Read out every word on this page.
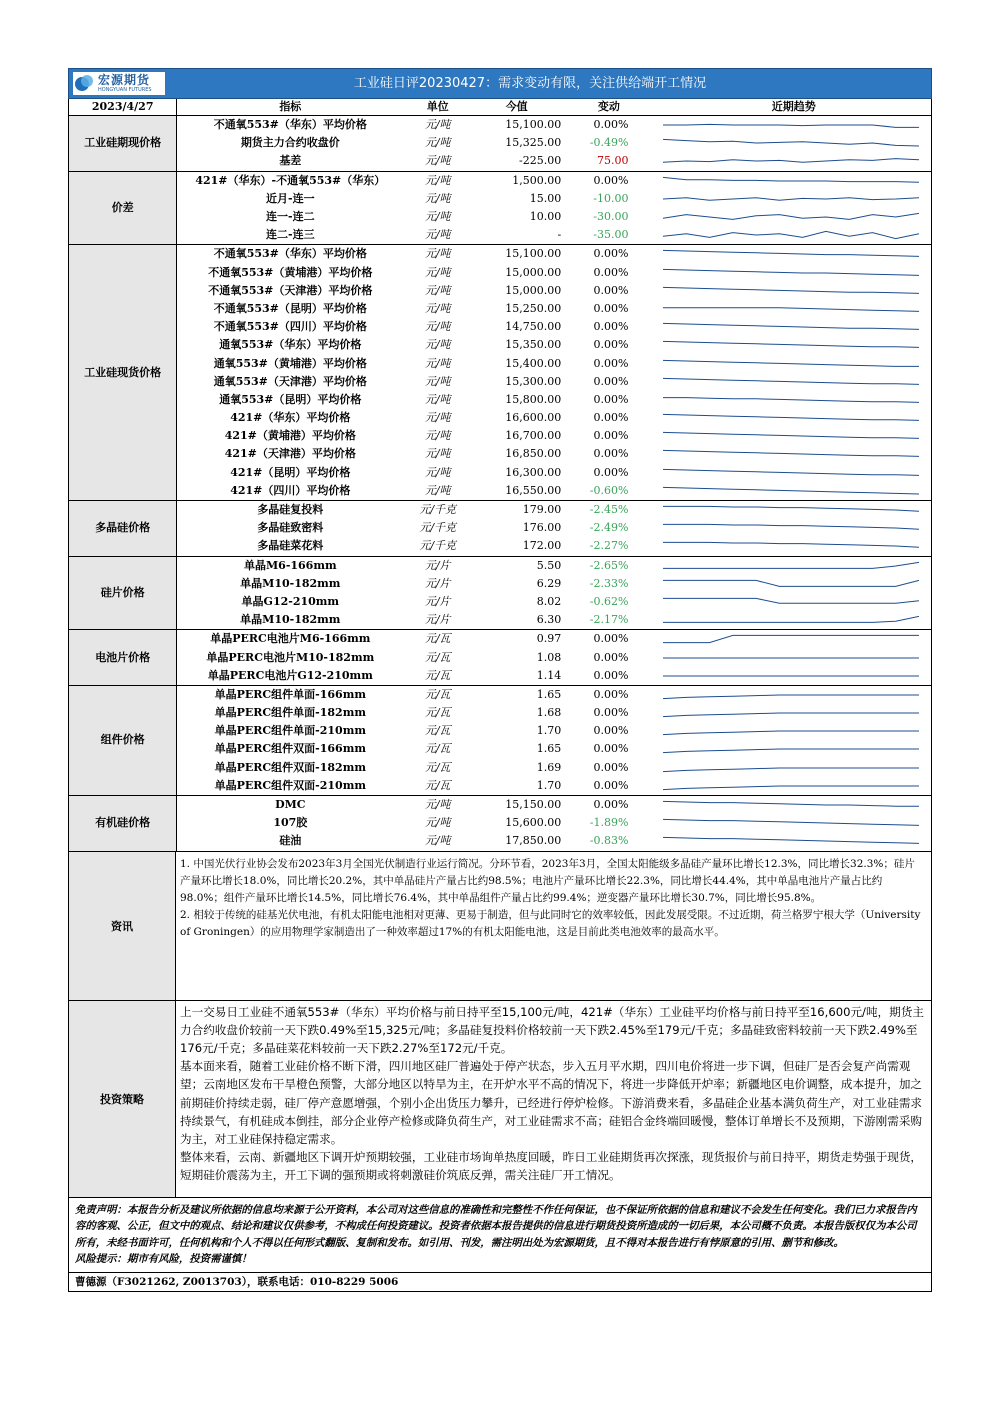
工业硅日评20230427：需求变动有限，关注供给端开工情况
宏源期货
HONGYUAN FUTURES
2023/4/27	指标	单位	今值	变动	近期趋势
工业硅期现价格	不通氧553#（华东）平均价格	元/吨	15,100.00	0.00%	

	期货主力合约收盘价	元/吨	15,325.00	-0.49%	

	基差	元/吨	-225.00	75.00	

价差	421#（华东）-不通氧553#（华东）	元/吨	1,500.00	0.00%	

	近月-连一	元/吨	15.00	-10.00	

	连一-连二	元/吨	10.00	-30.00	

	连二-连三	元/吨	-	-35.00	

工业硅现货价格	不通氧553#（华东）平均价格	元/吨	15,100.00	0.00%	

	不通氧553#（黄埔港）平均价格	元/吨	15,000.00	0.00%	

	不通氧553#（天津港）平均价格	元/吨	15,000.00	0.00%	

	不通氧553#（昆明）平均价格	元/吨	15,250.00	0.00%	

	不通氧553#（四川）平均价格	元/吨	14,750.00	0.00%	

	通氧553#（华东）平均价格	元/吨	15,350.00	0.00%	

	通氧553#（黄埔港）平均价格	元/吨	15,400.00	0.00%	

	通氧553#（天津港）平均价格	元/吨	15,300.00	0.00%	

	通氧553#（昆明）平均价格	元/吨	15,800.00	0.00%	

	421#（华东）平均价格	元/吨	16,600.00	0.00%	

	421#（黄埔港）平均价格	元/吨	16,700.00	0.00%	

	421#（天津港）平均价格	元/吨	16,850.00	0.00%	

	421#（昆明）平均价格	元/吨	16,300.00	0.00%	

	421#（四川）平均价格	元/吨	16,550.00	-0.60%	

多晶硅价格	多晶硅复投料	元/千克	179.00	-2.45%	

	多晶硅致密料	元/千克	176.00	-2.49%	

	多晶硅菜花料	元/千克	172.00	-2.27%	

硅片价格	单晶M6-166mm	元/片	5.50	-2.65%	

	单晶M10-182mm	元/片	6.29	-2.33%	

	单晶G12-210mm	元/片	8.02	-0.62%	

	单晶M10-182mm	元/片	6.30	-2.17%	

电池片价格	单晶PERC电池片M6-166mm	元/瓦	0.97	0.00%	

	单晶PERC电池片M10-182mm	元/瓦	1.08	0.00%	

	单晶PERC电池片G12-210mm	元/瓦	1.14	0.00%	

组件价格	单晶PERC组件单面-166mm	元/瓦	1.65	0.00%	

	单晶PERC组件单面-182mm	元/瓦	1.68	0.00%	

	单晶PERC组件单面-210mm	元/瓦	1.70	0.00%	

	单晶PERC组件双面-166mm	元/瓦	1.65	0.00%	

	单晶PERC组件双面-182mm	元/瓦	1.69	0.00%	

	单晶PERC组件双面-210mm	元/瓦	1.70	0.00%	

有机硅价格	DMC	元/吨	15,150.00	0.00%	

	107胶	元/吨	15,600.00	-1.89%	

	硅油	元/吨	17,850.00	-0.83%	
资讯

1. 中国光伏行业协会发布2023年3月全国光伏制造行业运行简况。分环节看，2023年3月，全国太阳能级多晶硅产量环比增长12.3%，同比增长32.3%；硅片产量环比增长18.0%，同比增长20.2%，其中单晶硅片产量占比约98.5%；电池片产量环比增长22.3%，同比增长44.4%，其中单晶电池片产量占比约98.0%；组件产量环比增长14.5%，同比增长76.4%，其中单晶组件产量占比约99.4%；逆变器产量环比增长30.7%，同比增长95.8%。

2. 相较于传统的硅基光伏电池，有机太阳能电池相对更薄、更易于制造，但与此同时它的效率较低，因此发展受限。不过近期，荷兰格罗宁根大学（University of Groningen）的应用物理学家制造出了一种效率超过17%的有机太阳能电池，这是目前此类电池效率的最高水平。

投资策略

上一交易日工业硅不通氧553#（华东）平均价格与前日持平至15,100元/吨，421#（华东）工业硅平均价格与前日持平至16,600元/吨，期货主力合约收盘价较前一天下跌0.49%至15,325元/吨；多晶硅复投料价格较前一天下跌2.45%至179元/千克；多晶硅致密料较前一天下跌2.49%至176元/千克；多晶硅菜花料较前一天下跌2.27%至172元/千克。

基本面来看，随着工业硅价格不断下滑，四川地区硅厂普遍处于停产状态，步入五月平水期，四川电价将进一步下调，但硅厂是否会复产尚需观望；云南地区发布干旱橙色预警，大部分地区以特旱为主，在开炉水平不高的情况下，将进一步降低开炉率；新疆地区电价调整，成本提升，加之前期硅价持续走弱，硅厂停产意愿增强，个别小企出货压力攀升，已经进行停炉检修。下游消费来看，多晶硅企业基本满负荷生产，对工业硅需求持续景气，有机硅成本倒挂，部分企业停产检修或降负荷生产，对工业硅需求不高；硅铝合金终端回暖慢，整体订单增长不及预期，下游刚需采购为主，对工业硅保持稳定需求。

整体来看，云南、新疆地区下调开炉预期较强，工业硅市场询单热度回暖，昨日工业硅期货再次探涨，现货报价与前日持平，期货走势强于现货，短期硅价震荡为主，开工下调的强预期或将刺激硅价筑底反弹，需关注硅厂开工情况。

免责声明：本报告分析及建议所依据的信息均来源于公开资料，本公司对这些信息的准确性和完整性不作任何保证，也不保证所依据的信息和建议不会发生任何变化。我们已力求报告内容的客观、公正，但文中的观点、结论和建议仅供参考，不构成任何投资建议。投资者依据本报告提供的信息进行期货投资所造成的一切后果，本公司概不负责。本报告版权仅为本公司所有，未经书面许可，任何机构和个人不得以任何形式翻版、复制和发布。如引用、刊发，需注明出处为宏源期货，且不得对本报告进行有悖原意的引用、删节和修改。

风险提示：期市有风险，投资需谨慎！

曹德源（F3021262, Z0013703），联系电话：010-8229 5006
